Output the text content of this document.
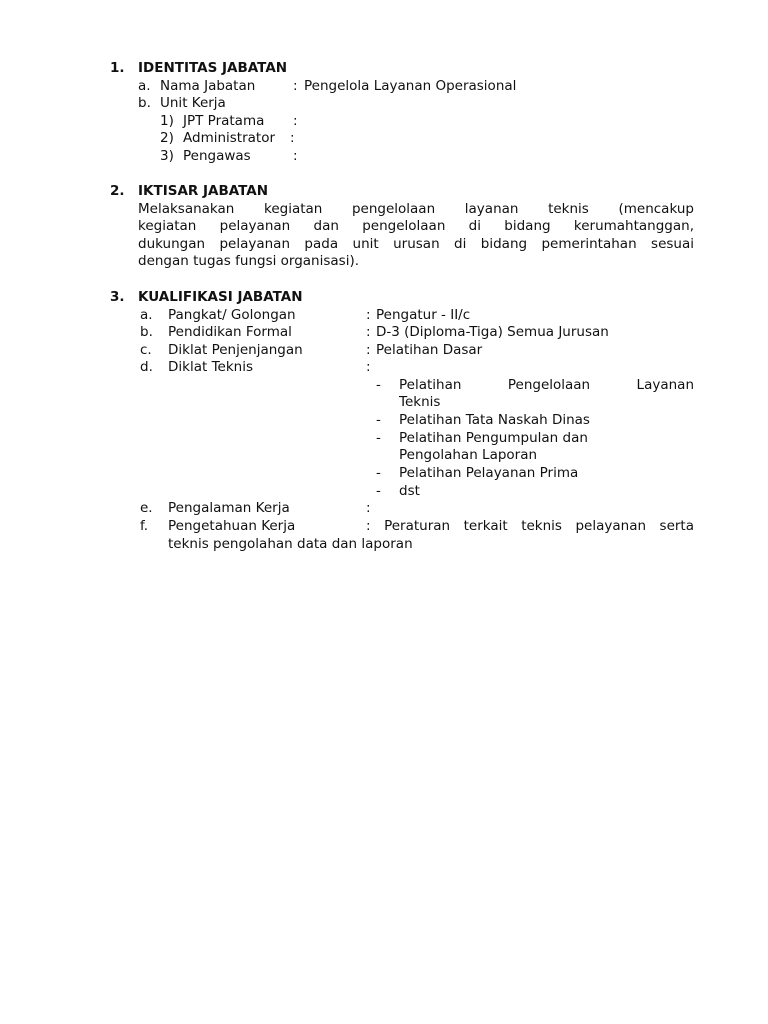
1. IDENTITAS JABATAN
a. Nama Jabatan	: Pengelola Layanan Operasional
b. Unit Kerja
1) JPT Pratama :
2) Administrator :
3) Pengawas	:
2. IKTISAR JABATAN
Melaksanakan kegiatan pengelolaan layanan teknis (mencakup
kegiatan pelayanan dan pengelolaan di bidang kerumahtanggan,
dukungan pelayanan pada unit urusan di bidang pemerintahan sesuai
dengan tugas fungsi organisasi).
3. KUALIFIKASI JABATAN
a. Pangkat/ Golongan	: Pengatur - II/c
b. Pendidikan Formal	: D-3 (Diploma-Tiga) Semua Jurusan
c. Diklat Penjenjangan	: Pelatihan Dasar
d. Diklat Teknis	:
- Pelatihan Pengelolaan Layanan
Teknis
- Pelatihan Tata Naskah Dinas
- Pelatihan Pengumpulan dan
Pengolahan Laporan
- Pelatihan Pelayanan Prima
- dst
e. Pengalaman Kerja	:
f. Pengetahuan Kerja	: Peraturan terkait teknis pelayanan serta
teknis pengolahan data dan laporan
